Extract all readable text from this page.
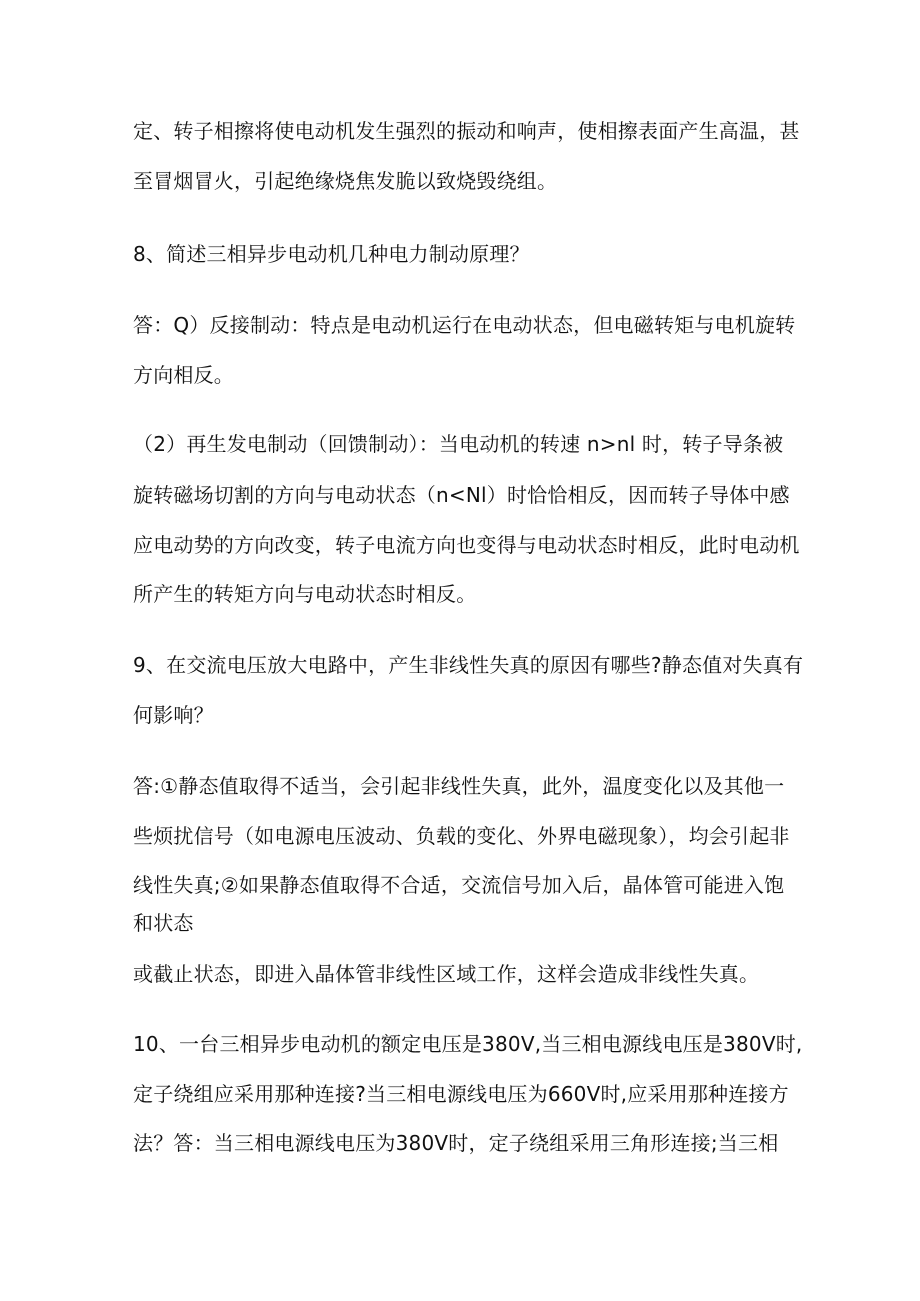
定、转子相擦将使电动机发生强烈的振动和响声，使相擦表面产生高温，甚
至冒烟冒火，引起绝缘烧焦发脆以致烧毁绕组。
8、简述三相异步电动机几种电力制动原理？
答：Q）反接制动：特点是电动机运行在电动状态，但电磁转矩与电机旋转
方向相反。
（2）再生发电制动（回馈制动）：当电动机的转速 n>nl 时，转子导条被
旋转磁场切割的方向与电动状态（n<Nl）时恰恰相反，因而转子导体中感
应电动势的方向改变，转子电流方向也变得与电动状态时相反，此时电动机
所产生的转矩方向与电动状态时相反。
9、在交流电压放大电路中，产生非线性失真的原因有哪些?静态值对失真有
何影响？
答:①静态值取得不适当，会引起非线性失真，此外，温度变化以及其他一
些烦扰信号（如电源电压波动、负载的变化、外界电磁现象），均会引起非
线性失真;②如果静态值取得不合适，交流信号加入后，晶体管可能进入饱
和状态
或截止状态，即进入晶体管非线性区域工作，这样会造成非线性失真。
10、一台三相异步电动机的额定电压是380V,当三相电源线电压是380V时,
定子绕组应采用那种连接?当三相电源线电压为660V时,应采用那种连接方
法？答：当三相电源线电压为380V时，定子绕组采用三角形连接;当三相
